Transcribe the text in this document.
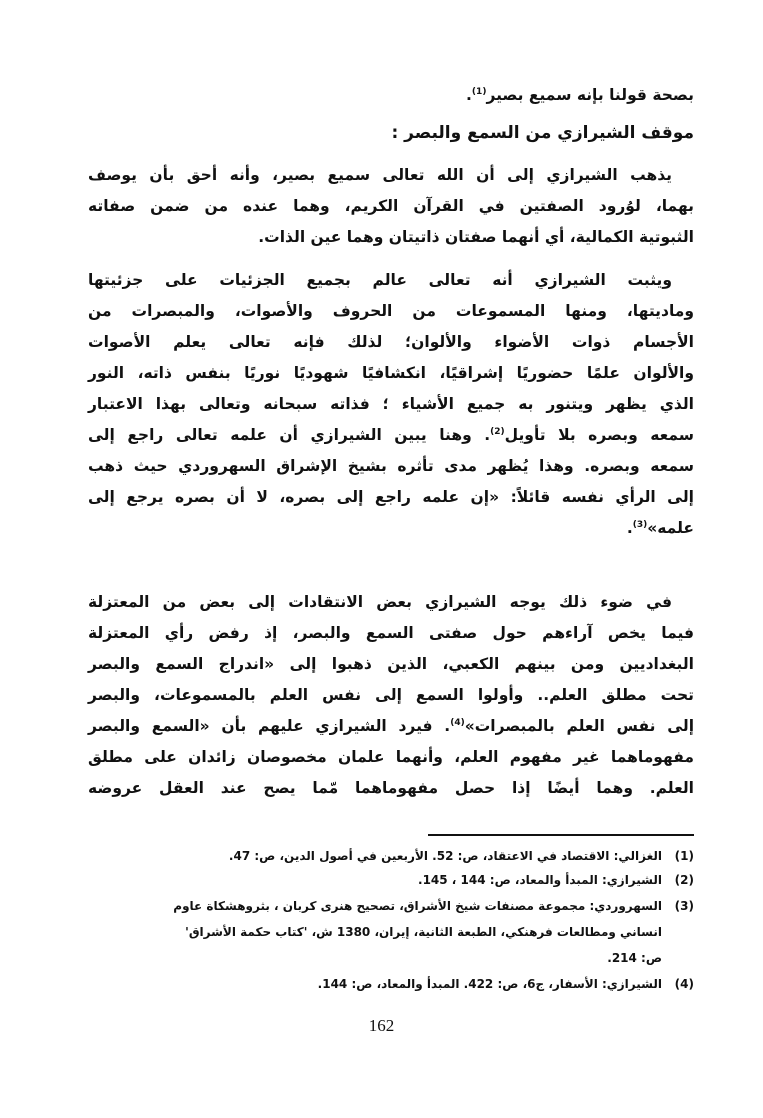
بصحة قولنا بإنه سميع بصير$^{(1)}$.
موقف الشيرازي من السمع والبصر :
يذهب الشيرازي إلى أن الله تعالى سميع بصير، وأنه أحق بأن يوصف
بهما، لوُرود الصفتين في القرآن الكريم، وهما عنده من ضمن صفاته
الثبوتية الكمالية، أي أنهما صفتان ذاتيتان وهما عين الذات.
ويثبت الشيرازي أنه تعالى عالم بجميع الجزئيات على جزئيتها
وماديتها، ومنها المسموعات من الحروف والأصوات، والمبصرات من
الأجسام ذوات الأضواء والألوان؛ لذلك فإنه تعالى يعلم الأصوات
والألوان علمًا حضوريًا إشراقيًا، انكشافيًا شهوديًا نوريًا بنفس ذاته، النور
الذي يظهر ويتنور به جميع الأشياء ؛ فذاته سبحانه وتعالى بهذا الاعتبار
سمعه وبصره بلا تأويل$^{(2)}$. وهنا يبين الشيرازي أن علمه تعالى راجع إلى
سمعه وبصره. وهذا يُظهر مدى تأثره بشيخ الإشراق السهروردي حيث ذهب
إلى الرأي نفسه قائلاً: «إن علمه راجع إلى بصره، لا أن بصره يرجع إلى
علمه»$^{(3)}$.
في ضوء ذلك يوجه الشيرازي بعض الانتقادات إلى بعض من المعتزلة
فيما يخص آراءهم حول صفتى السمع والبصر، إذ رفض رأي المعتزلة
البغداديين ومن بينهم الكعبي، الذين ذهبوا إلى «اندراج السمع والبصر
تحت مطلق العلم.. وأولوا السمع إلى نفس العلم بالمسموعات، والبصر
إلى نفس العلم بالمبصرات»$^{(4)}$. فيرد الشيرازي عليهم بأن «السمع والبصر
مفهوماهما غير مفهوم العلم، وأنهما علمان مخصوصان زائدان على مطلق
العلم. وهما أيضًا إذا حصل مفهوماهما مّما يصح عند العقل عروضه
(1)الغزالي: الاقتصاد في الاعتقاد، ص: 52. الأربعين في أصول الدين، ص: 47.
(2)الشيرازي: المبدأ والمعاد، ص: 144 ، 145.
(3)السهروردي: مجموعة مصنفات شيخ الأشراق، تصحيح هنرى كربان ، بثروهشكاة عاوم
انساني ومطالعات فرهنكي، الطبعة الثانية، إيران، 1380 ش، 'كتاب حكمة الأشراق'
ص: 214.
(4)الشيرازي: الأسفار، ج6، ص: 422. المبدأ والمعاد، ص: 144.
162
